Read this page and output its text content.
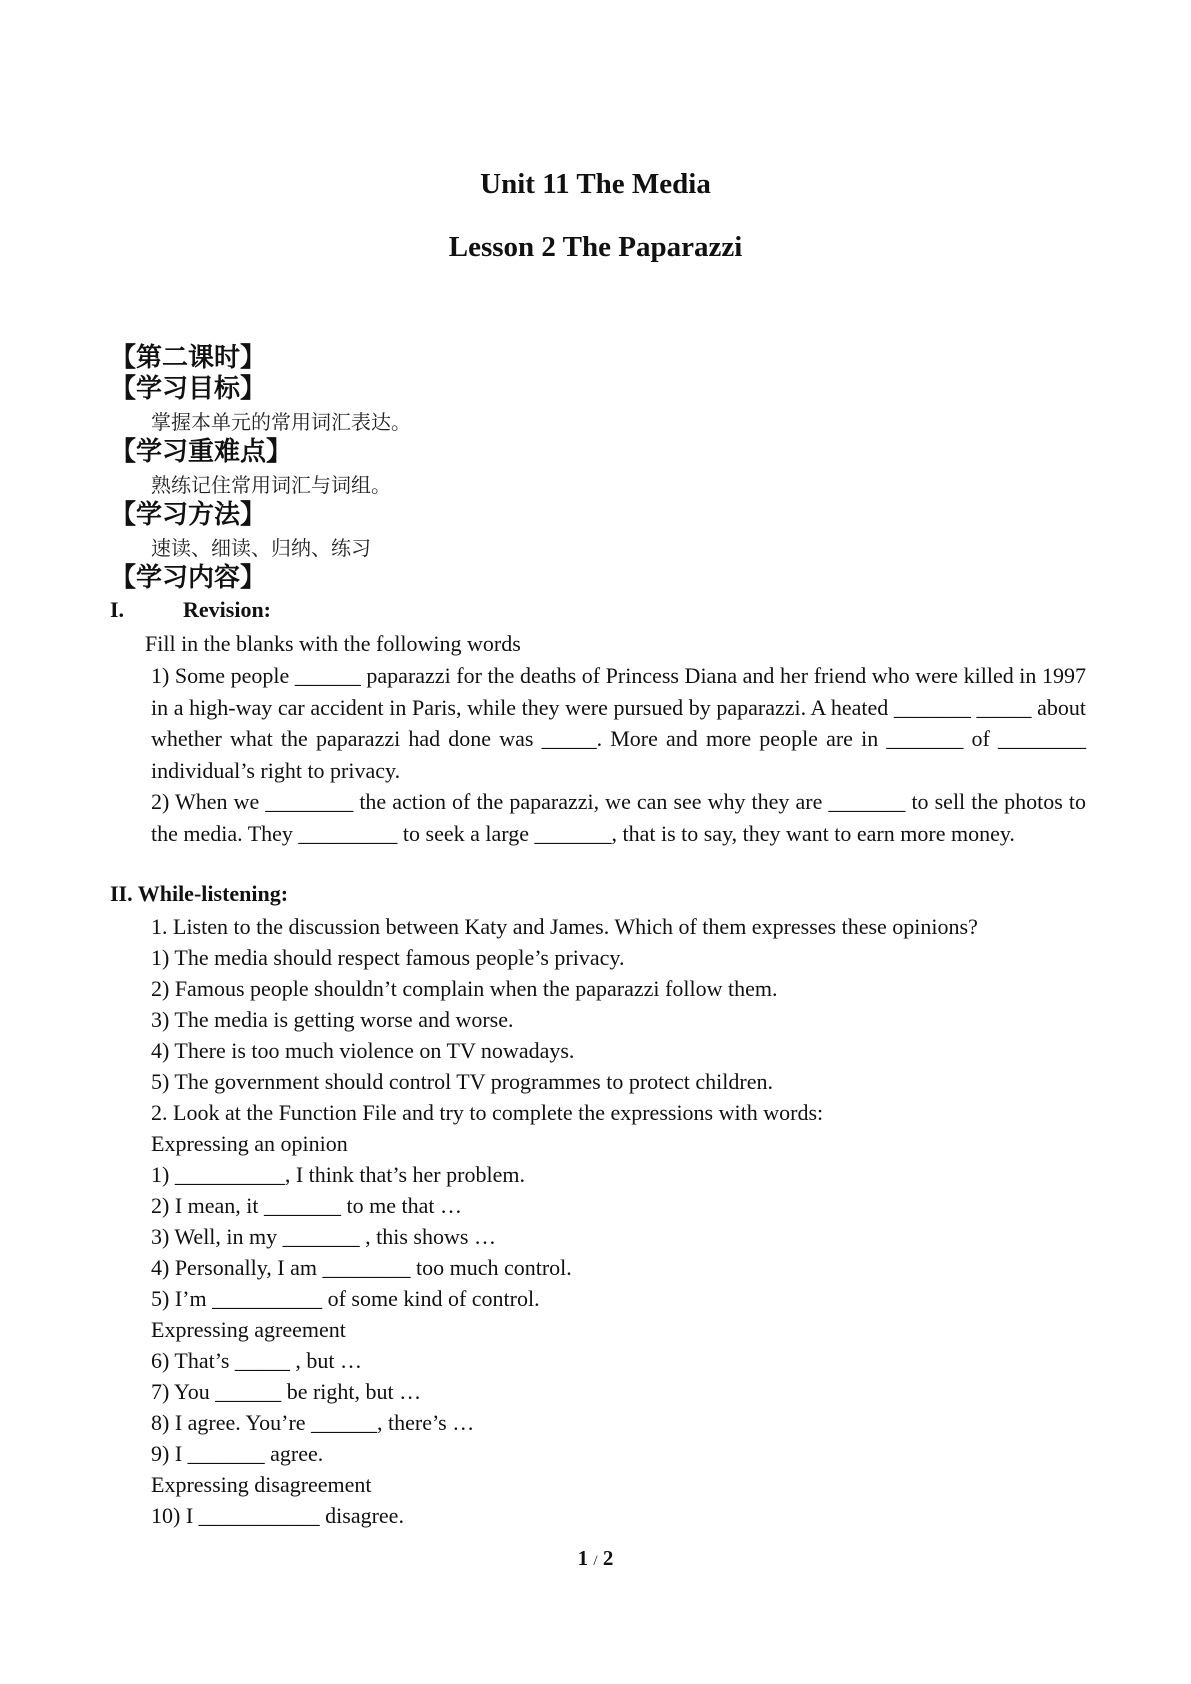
Unit 11 The Media
Lesson 2 The Paparazzi
【第二课时】
【学习目标】
掌握本单元的常用词汇表达。
【学习重难点】
熟练记住常用词汇与词组。
【学习方法】
速读、细读、归纳、练习
【学习内容】
I.	Revision:
Fill in the blanks with the following words

1) Some people ______ paparazzi for the deaths of Princess Diana and her friend who were killed in 1997 in a high-way car accident in Paris, while they were pursued by paparazzi. A heated _______ _____ about whether what the paparazzi had done was _____. More and more people are in _______ of ________ individual’s right to privacy.

2) When we ________ the action of the paparazzi, we can see why they are _______ to sell the photos to the media. They _________ to seek a large _______, that is to say, they want to earn more money.

II. While-listening:
1. Listen to the discussion between Katy and James. Which of them expresses these opinions?
1) The media should respect famous people’s privacy.
2) Famous people shouldn’t complain when the paparazzi follow them.
3) The media is getting worse and worse.
4) There is too much violence on TV nowadays.
5) The government should control TV programmes to protect children.
2. Look at the Function File and try to complete the expressions with words:
Expressing an opinion
1) __________, I think that’s her problem.
2) I mean, it _______ to me that …
3) Well, in my _______ , this shows …
4) Personally, I am ________ too much control.
5) I’m __________ of some kind of control.
Expressing agreement
6) That’s _____ , but …
7) You ______ be right, but …
8) I agree. You’re ______, there’s …
9) I _______ agree.
Expressing disagreement
10) I ___________ disagree.
1 / 2
